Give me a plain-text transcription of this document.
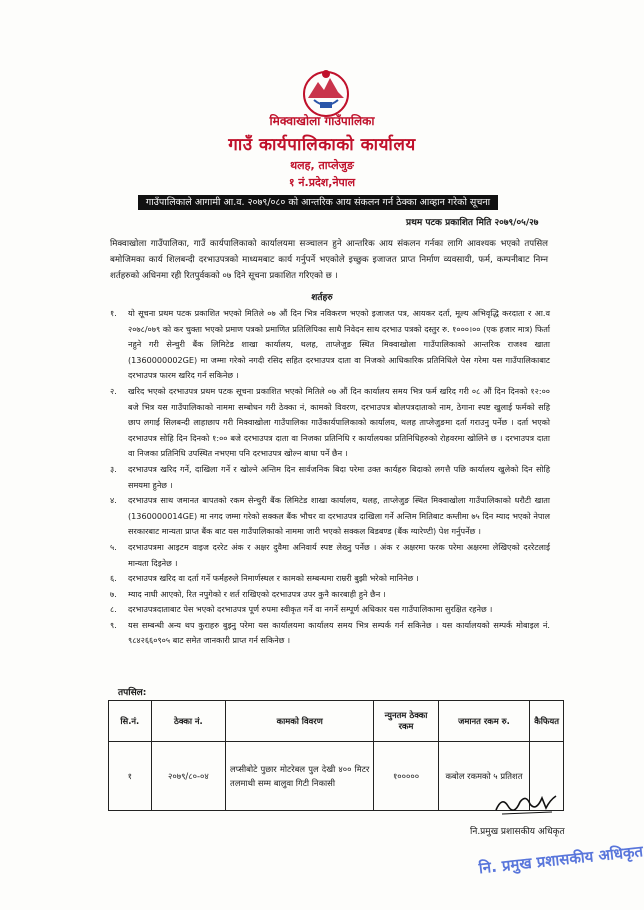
मिक्वाखोला गाउँपालिका
गाउँ कार्यपालिकाको कार्यालय
थलह, ताप्लेजुङ
१ नं.प्रदेश,नेपाल
गाउँपालिकाले आगामी आ.व. २०७९/०८० को आन्तरिक आय संकलन गर्न ठेक्का आव्हान गरेको सूचना
प्रथम पटक प्रकाशित मिति २०७९/०५/२७
मिक्वाखोला गाउँपालिका, गाउँ कार्यपालिकाको कार्यालयमा सञ्चालन हुने आन्तरिक आय संकलन गर्नका लागि आवश्यक भएको तपसिल बमोजिमका कार्य शिलबन्दी दरभाउपत्रको माध्यमबाट कार्य गर्नुपर्ने भएकोले इच्छुक इजाजत प्राप्त निर्माण व्यवसायी, फर्म, कम्पनीबाट निम्न शर्तहरुको अधिनमा रही रितपुर्वकको ०७ दिने सूचना प्रकाशित गरिएको छ ।
शर्तहरु
१. यो सूचना प्रथम पटक प्रकाशित भएको मितिले ०७ औं दिन भित्र नविकरण भएको इजाजत पत्र, आयकर दर्ता, मूल्य अभिवृद्धि करदाता र आ.व २०७८/०७९ को कर चुक्ता भएको प्रमाण पत्रको प्रमाणित प्रतिलिपिका साथै निवेदन साथ दरभाउ पत्रको दस्तुर रु. १०००।०० (एक हजार मात्र) फिर्ता नहुने गरी सेन्चुरी बैंक लिमिटेड शाखा कार्यालय, थलह, ताप्लेजुङ स्थित मिक्वाखोला गाउँपालिकाको आन्तरिक राजश्व खाता (1360000002GE) मा जम्मा गरेको नगदी रसिद सहित दरभाउपत्र दाता वा निजको आधिकारिक प्रतिनिधिले पेस गरेमा यस गाउँपालिकाबाट दरभाउपत्र फारम खरिद गर्न सकिनेछ ।
२. खरिद भएको दरभाउपत्र प्रथम पटक सूचना प्रकाशित भएको मितिले ०७ औं दिन कार्यालय समय भित्र फर्म खरिद गरी ०८ औं दिन दिनको १२:०० बजे भित्र यस गाउँपालिकाको नाममा सम्बोधन गरी ठेक्का नं, कामको विवरण, दरभाउपत्र बोलपत्रदाताको नाम, ठेगाना स्पष्ट खुलाई फर्मको सहि छाप लगाई सिलबन्दी लाहाछाप गरी मिक्वाखोला गाउँपालिका गाउँकार्यपालिकाको कार्यालय, थलह ताप्लेजुङमा दर्ता गराउनु पर्नेछ । दर्ता भएको दरभाउपत्र सोहि दिन दिनको १:०० बजे दरभाउपत्र दाता वा निजका प्रतिनिधि र कार्यालयका प्रतिनिधिहरुको रोहवरमा खोलिने छ । दरभाउपत्र दाता वा निजका प्रतिनिधि उपस्थित नभएमा पनि दरभाउपत्र खोल्न बाधा पर्ने छैन ।
३. दरभाउपत्र खरिद गर्ने, दाखिला गर्ने र खोल्ने अन्तिम दिन सार्वजनिक बिदा परेमा उक्त कार्यहरु बिदाको लगत्तै पछि कार्यालय खुलेको दिन सोहि समयमा हुनेछ ।
४. दरभाउपत्र साथ जमानत बापतको रकम सेन्चुरी बैंक लिमिटेड शाखा कार्यालय, थलह, ताप्लेजुङ स्थित मिक्वाखोला गाउँपालिकाको धरौटी खाता (1360000014GE) मा नगद जम्मा गरेको सक्कल बैंक भौचर वा दरभाउपत्र दाखिला गर्ने अन्तिम मितिबाट कम्तीमा ७५ दिन म्याद भएको नेपाल सरकारबाट मान्यता प्राप्त बैंक बाट यस गाउँपालिकाको नाममा जारी भएको सक्कल बिडबण्ड (बैंक ग्यारेण्टी) पेश गर्नुपर्नेछ ।
५. दरभाउपत्रमा आइटम वाइज दररेट अंक र अक्षर दुवैमा अनिवार्य स्पष्ट लेख्नु पर्नेछ । अंक र अक्षरमा फरक परेमा अक्षरमा लेखिएको दररेटलाई मान्यता दिइनेछ ।
६. दरभाउपत्र खरिद वा दर्ता गर्ने फर्महरुले निमार्णस्थल र कामको सम्बन्धमा राम्ररी बुझी भरेको मानिनेछ ।
७. म्याद नाघी आएको, रित नपुगेको र शर्त राखिएको दरभाउपत्र उपर कुनै कारबाही हुने छैन ।
८. दरभाउपत्रदाताबाट पेस भएको दरभाउपत्र पूर्ण रुपमा स्वीकृत गर्ने वा नगर्ने सम्पूर्ण अधिकार यस गाउँपालिकामा सुरक्षित रहनेछ ।
९. यस सम्बन्धी अन्य थप कुराहरु बुझ्नु परेमा यस कार्यालयमा कार्यालय समय भित्र सम्पर्क गर्न सकिनेछ । यस कार्यालयको सम्पर्क मोबाइल नं. ९८४२६६०९०५ बाट समेत जानकारी प्राप्त गर्न सकिनेछ ।
तपसिल:
सि.नं.	ठेक्का नं.	कामको विवरण	न्युनतम ठेक्का रकम	जमानत रकम रु.	कैफियत
१	२०७९/८०-०४	लप्सीबोटे पुछार मोटरेबल पुल देखी ४०० मिटर तलमाथी सम्म बालुवा गिटी निकासी	१०००००	कबोल रकमको ५ प्रतिशत	
नि.प्रमुख प्रशासकीय अधिकृत
नि. प्रमुख प्रशासकीय अधिकृत
